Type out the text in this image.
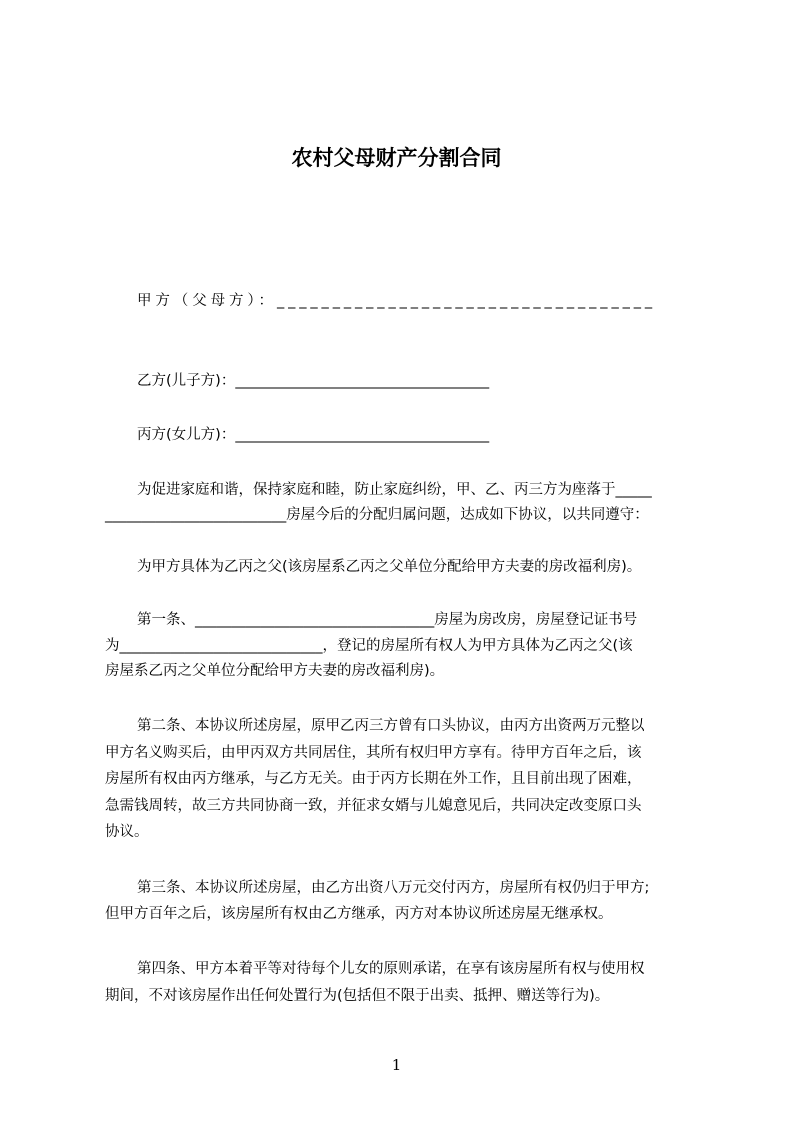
农村父母财产分割合同

甲方（父母方）：__________________________________

乙方(儿子方)：___________________________________

丙方(女儿方)：___________________________________

为促进家庭和谐，保持家庭和睦，防止家庭纠纷，甲、乙、丙三方为座落于_____

_________________________房屋今后的分配归属问题，达成如下协议，以共同遵守：

为甲方具体为乙丙之父(该房屋系乙丙之父单位分配给甲方夫妻的房改福利房)。

第一条、_________________________________房屋为房改房，房屋登记证书号

为____________________________，登记的房屋所有权人为甲方具体为乙丙之父(该

房屋系乙丙之父单位分配给甲方夫妻的房改福利房)。

第二条、本协议所述房屋，原甲乙丙三方曾有口头协议，由丙方出资两万元整以

甲方名义购买后，由甲丙双方共同居住，其所有权归甲方享有。待甲方百年之后，该

房屋所有权由丙方继承，与乙方无关。由于丙方长期在外工作，且目前出现了困难，

急需钱周转，故三方共同协商一致，并征求女婿与儿媳意见后，共同决定改变原口头

协议。

第三条、本协议所述房屋，由乙方出资八万元交付丙方，房屋所有权仍归于甲方;

但甲方百年之后，该房屋所有权由乙方继承，丙方对本协议所述房屋无继承权。

第四条、甲方本着平等对待每个儿女的原则承诺，在享有该房屋所有权与使用权

期间，不对该房屋作出任何处置行为(包括但不限于出卖、抵押、赠送等行为)。

1
